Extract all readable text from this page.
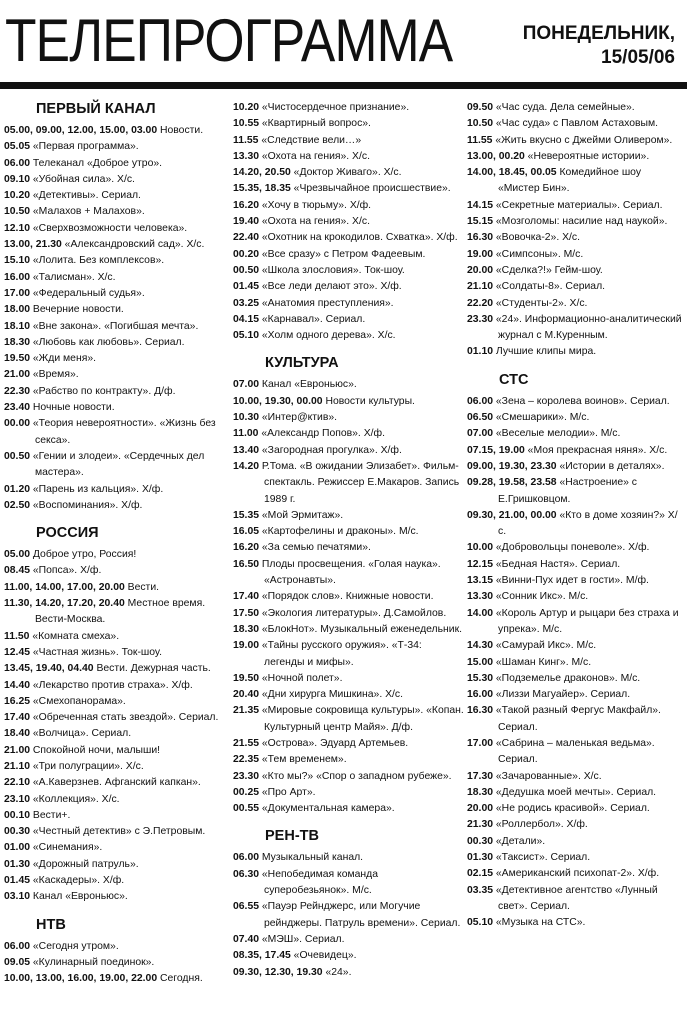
ТЕЛЕПРОГРАММА	ПОНЕДЕЛЬНИК,
15/05/06
ПЕРВЫЙ КАНАЛ
05.00, 09.00, 12.00, 15.00, 03.00 Новости.
05.05 «Первая программа».
06.00 Телеканал «Доброе утро».
09.10 «Убойная сила». Х/с.
10.20 «Детективы». Сериал.
10.50 «Малахов + Малахов».
12.10 «Сверхвозможности человека».
13.00, 21.30 «Александровский сад». Х/с.
15.10 «Лолита. Без комплексов».
16.00 «Талисман». Х/с.
17.00 «Федеральный судья».
18.00 Вечерние новости.
18.10 «Вне закона». «Погибшая мечта».
18.30 «Любовь как любовь». Сериал.
19.50 «Жди меня».
21.00 «Время».
22.30 «Рабство по контракту». Д/ф.
23.40 Ночные новости.
00.00 «Теория невероятности». «Жизнь без секса».
00.50 «Гении и злодеи». «Сердечных дел мастера».
01.20 «Парень из кальция». Х/ф.
02.50 «Воспоминания». Х/ф.
РОССИЯ
05.00 Доброе утро, Россия!
08.45 «Попса». Х/ф.
11.00, 14.00, 17.00, 20.00 Вести.
11.30, 14.20, 17.20, 20.40 Местное время. Вести-Москва.
11.50 «Комната смеха».
12.45 «Частная жизнь». Ток-шоу.
13.45, 19.40, 04.40 Вести. Дежурная часть.
14.40 «Лекарство против страха». Х/ф.
16.25 «Смехопанорама».
17.40 «Обреченная стать звездой». Сериал.
18.40 «Волчица». Сериал.
21.00 Спокойной ночи, малыши!
21.10 «Три полуграции». Х/с.
22.10 «А.Каверзнев. Афганский капкан».
23.10 «Коллекция». Х/с.
00.10 Вести+.
00.30 «Честный детектив» с Э.Петровым.
01.00 «Синемания».
01.30 «Дорожный патруль».
01.45 «Каскадеры». Х/ф.
03.10 Канал «Евроньюс».
НТВ
06.00 «Сегодня утром».
09.05 «Кулинарный поединок».
10.00, 13.00, 16.00, 19.00, 22.00 Сегодня.
10.20 «Чистосердечное признание».
10.55 «Квартирный вопрос».
11.55 «Следствие вели…»
13.30 «Охота на гения». Х/с.
14.20, 20.50 «Доктор Живаго». Х/с.
15.35, 18.35 «Чрезвычайное происшествие».
16.20 «Хочу в тюрьму». Х/ф.
19.40 «Охота на гения». Х/с.
22.40 «Охотник на крокодилов. Схватка». Х/ф.
00.20 «Все сразу» с Петром Фадеевым.
00.50 «Школа злословия». Ток-шоу.
01.45 «Все леди делают это». Х/ф.
03.25 «Анатомия преступления».
04.15 «Карнавал». Сериал.
05.10 «Холм одного дерева». Х/с.
КУЛЬТУРА
07.00 Канал «Евроньюс».
10.00, 19.30, 00.00 Новости культуры.
10.30 «Интер@ктив».
11.00 «Александр Попов». Х/ф.
13.40 «Загородная прогулка». Х/ф.
14.20 Р.Тома. «В ожидании Элизабет». Фильм-спектакль. Режиссер Е.Макаров. Запись 1989 г.
15.35 «Мой Эрмитаж».
16.05 «Картофелины и драконы». М/с.
16.20 «За семью печатями».
16.50 Плоды просвещения. «Голая наука». «Астронавты».
17.40 «Порядок слов». Книжные новости.
17.50 «Экология литературы». Д.Самойлов.
18.30 «БлокНот». Музыкальный еженедельник.
19.00 «Тайны русского оружия». «Т-34: легенды и мифы».
19.50 «Ночной полет».
20.40 «Дни хирурга Мишкина». Х/с.
21.35 «Мировые сокровища культуры». «Копан. Культурный центр Майя». Д/ф.
21.55 «Острова». Эдуард Артемьев.
22.35 «Тем временем».
23.30 «Кто мы?» «Спор о западном рубеже».
00.25 «Про Арт».
00.55 «Документальная камера».
РЕН-ТВ
06.00 Музыкальный канал.
06.30 «Непобедимая команда суперобезьянок». М/с.
06.55 «Пауэр Рейнджерс, или Могучие рейнджеры. Патруль времени». Сериал.
07.40 «МЭШ». Сериал.
08.35, 17.45 «Очевидец».
09.30, 12.30, 19.30 «24».
09.50 «Час суда. Дела семейные».
10.50 «Час суда» с Павлом Астаховым.
11.55 «Жить вкусно с Джейми Оливером».
13.00, 00.20 «Невероятные истории».
14.00, 18.45, 00.05 Комедийное шоу «Мистер Бин».
14.15 «Секретные материалы». Сериал.
15.15 «Мозголомы: насилие над наукой».
16.30 «Вовочка-2». Х/с.
19.00 «Симпсоны». М/с.
20.00 «Сделка?!» Гейм-шоу.
21.10 «Солдаты-8». Сериал.
22.20 «Студенты-2». Х/с.
23.30 «24». Информационно-аналитический журнал с М.Куренным.
01.10 Лучшие клипы мира.
СТС
06.00 «Зена – королева воинов». Сериал.
06.50 «Смешарики». М/с.
07.00 «Веселые мелодии». М/с.
07.15, 19.00 «Моя прекрасная няня». Х/с.
09.00, 19.30, 23.30 «Истории в деталях».
09.28, 19.58, 23.58 «Настроение» с Е.Гришковцом.
09.30, 21.00, 00.00 «Кто в доме хозяин?» Х/с.
10.00 «Добровольцы поневоле». Х/ф.
12.15 «Бедная Настя». Сериал.
13.15 «Винни-Пух идет в гости». М/ф.
13.30 «Сонник Икс». М/с.
14.00 «Король Артур и рыцари без страха и упрека». М/с.
14.30 «Самурай Икс». М/с.
15.00 «Шаман Кинг». М/с.
15.30 «Подземелье драконов». М/с.
16.00 «Лиззи Магуайер». Сериал.
16.30 «Такой разный Фергус Макфайл». Сериал.
17.00 «Сабрина – маленькая ведьма». Сериал.
17.30 «Зачарованные». Х/с.
18.30 «Дедушка моей мечты». Сериал.
20.00 «Не родись красивой». Сериал.
21.30 «Роллербол». Х/ф.
00.30 «Детали».
01.30 «Таксист». Сериал.
02.15 «Американский психопат-2». Х/ф.
03.35 «Детективное агентство «Лунный свет». Сериал.
05.10 «Музыка на СТС».
